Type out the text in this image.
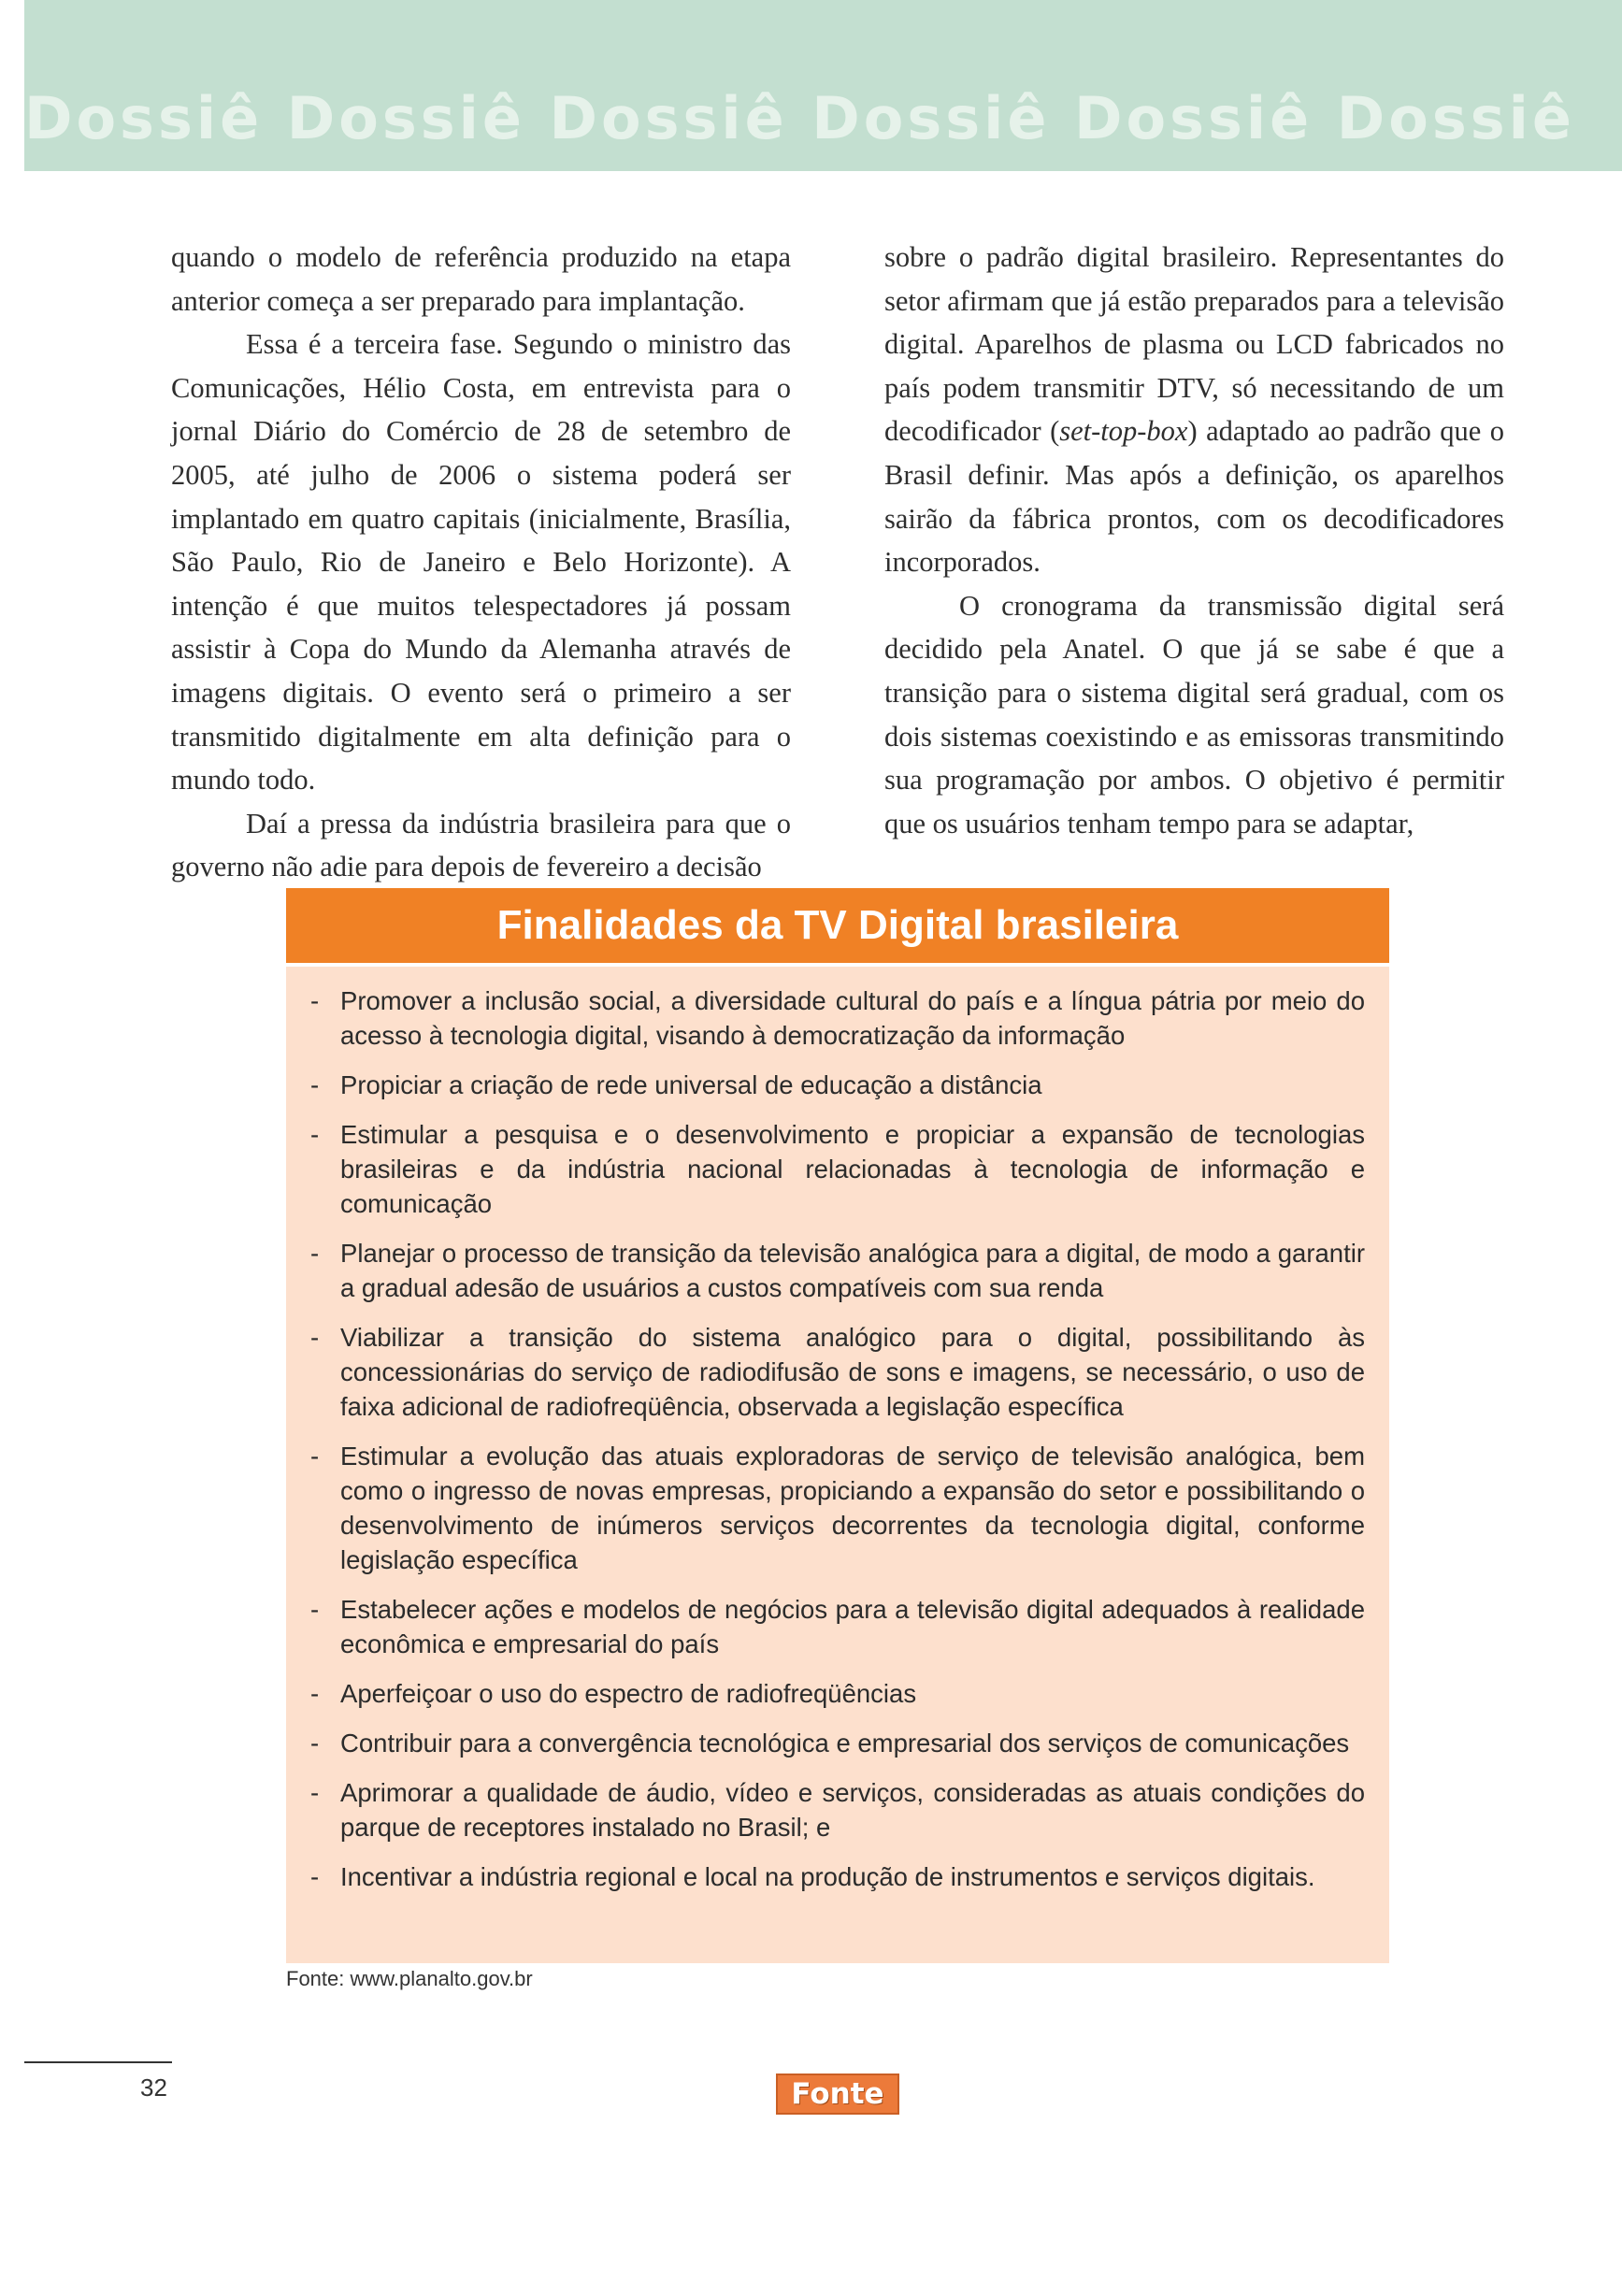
Dossiê Dossiê Dossiê Dossiê Dossiê Dossiê

quando o modelo de referência produzido na etapa anterior começa a ser preparado para implantação.

Essa é a terceira fase. Segundo o ministro das Comunicações, Hélio Costa, em entrevista para o jornal Diário do Comércio de 28 de setembro de 2005, até julho de 2006 o sistema poderá ser implantado em quatro capitais (inicialmente, Brasília, São Paulo, Rio de Janeiro e Belo Horizonte). A intenção é que muitos telespectadores já possam assistir à Copa do Mundo da Alemanha através de imagens digitais. O evento será o primeiro a ser transmitido digitalmente em alta definição para o mundo todo.

Daí a pressa da indústria brasileira para que o governo não adie para depois de fevereiro a decisão

sobre o padrão digital brasileiro. Representantes do setor afirmam que já estão preparados para a televisão digital. Aparelhos de plasma ou LCD fabricados no país podem transmitir DTV, só necessitando de um decodificador (set-top-box) adaptado ao padrão que o Brasil definir. Mas após a definição, os aparelhos sairão da fábrica prontos, com os decodificadores incorporados.

O cronograma da transmissão digital será decidido pela Anatel. O que já se sabe é que a transição para o sistema digital será gradual, com os dois sistemas coexistindo e as emissoras transmitindo sua programação por ambos. O objetivo é permitir que os usuários tenham tempo para se adaptar,

Finalidades da TV Digital brasileira
- Promover a inclusão social, a diversidade cultural do país e a língua pátria por meio do acesso à tecnologia digital, visando à democratização da informação
- Propiciar a criação de rede universal de educação a distância
- Estimular a pesquisa e o desenvolvimento e propiciar a expansão de tecnologias brasileiras e da indústria nacional relacionadas à tecnologia de informação e comunicação
- Planejar o processo de transição da televisão analógica para a digital, de modo a garantir a gradual adesão de usuários a custos compatíveis com sua renda
- Viabilizar a transição do sistema analógico para o digital, possibilitando às concessionárias do serviço de radiodifusão de sons e imagens, se necessário, o uso de faixa adicional de radiofreqüência, observada a legislação específica
- Estimular a evolução das atuais exploradoras de serviço de televisão analógica, bem como o ingresso de novas empresas, propiciando a expansão do setor e possibilitando o desenvolvimento de inúmeros serviços decorrentes da tecnologia digital, conforme legislação específica
- Estabelecer ações e modelos de negócios para a televisão digital adequados à realidade econômica e empresarial do país
- Aperfeiçoar o uso do espectro de radiofreqüências
- Contribuir para a convergência tecnológica e empresarial dos serviços de comunicações
- Aprimorar a qualidade de áudio, vídeo e serviços, consideradas as atuais condições do parque de receptores instalado no Brasil; e
- Incentivar a indústria regional e local na produção de instrumentos e serviços digitais.
Fonte: www.planalto.gov.br
32	Fonte
